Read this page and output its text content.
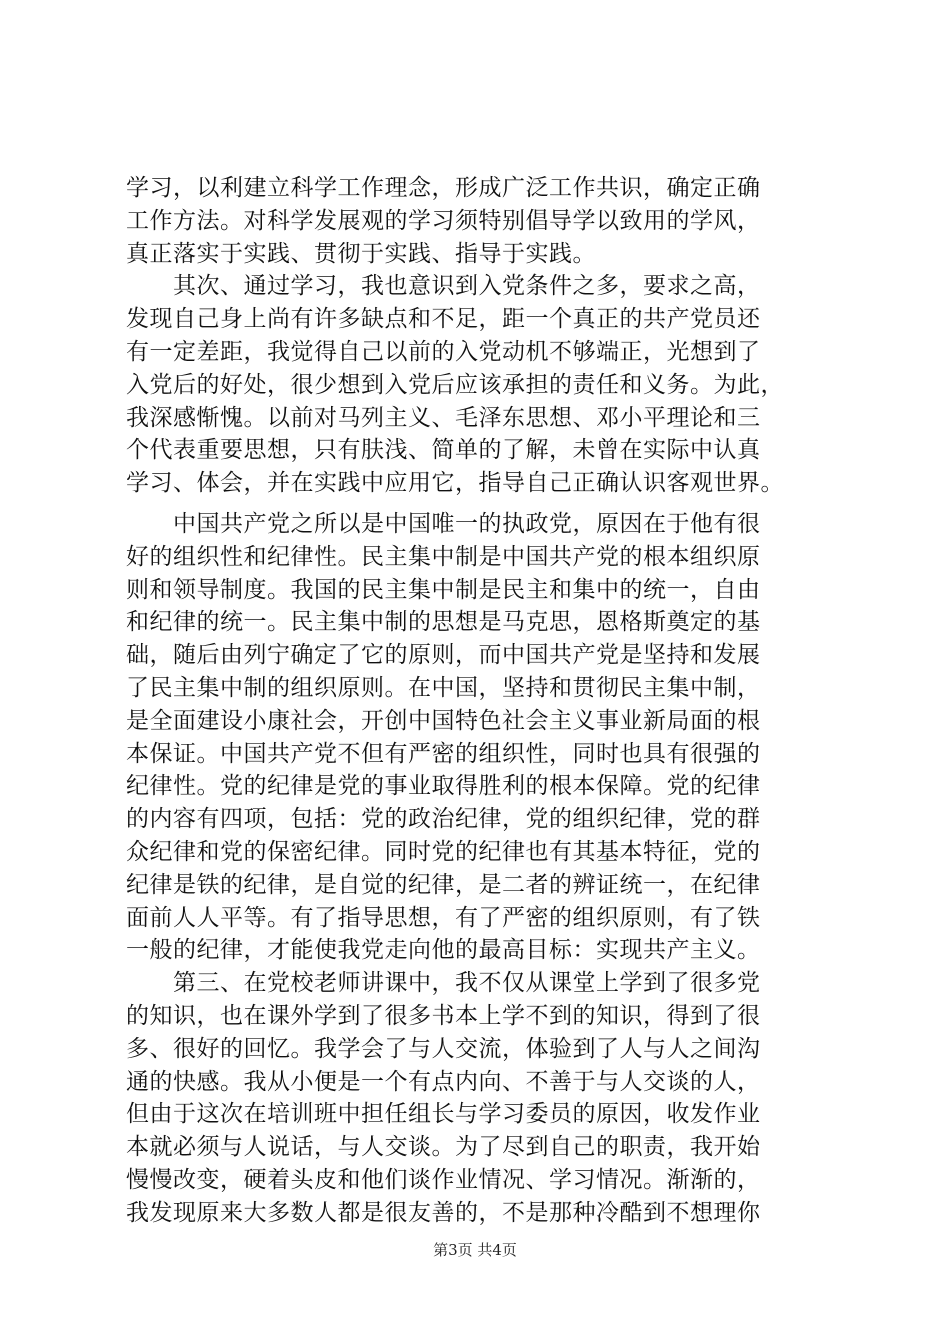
学习，以利建立科学工作理念，形成广泛工作共识，确定正确
工作方法。对科学发展观的学习须特别倡导学以致用的学风，
真正落实于实践、贯彻于实践、指导于实践。
　　其次、通过学习，我也意识到入党条件之多，要求之高，
发现自己身上尚有许多缺点和不足，距一个真正的共产党员还
有一定差距，我觉得自己以前的入党动机不够端正，光想到了
入党后的好处，很少想到入党后应该承担的责任和义务。为此，
我深感惭愧。以前对马列主义、毛泽东思想、邓小平理论和三
个代表重要思想，只有肤浅、简单的了解，未曾在实际中认真
学习、体会，并在实践中应用它，指导自己正确认识客观世界。
　　中国共产党之所以是中国唯一的执政党，原因在于他有很
好的组织性和纪律性。民主集中制是中国共产党的根本组织原
则和领导制度。我国的民主集中制是民主和集中的统一，自由
和纪律的统一。民主集中制的思想是马克思，恩格斯奠定的基
础，随后由列宁确定了它的原则，而中国共产党是坚持和发展
了民主集中制的组织原则。在中国，坚持和贯彻民主集中制，
是全面建设小康社会，开创中国特色社会主义事业新局面的根
本保证。中国共产党不但有严密的组织性，同时也具有很强的
纪律性。党的纪律是党的事业取得胜利的根本保障。党的纪律
的内容有四项，包括：党的政治纪律，党的组织纪律，党的群
众纪律和党的保密纪律。同时党的纪律也有其基本特征，党的
纪律是铁的纪律，是自觉的纪律，是二者的辨证统一，在纪律
面前人人平等。有了指导思想，有了严密的组织原则，有了铁
一般的纪律，才能使我党走向他的最高目标：实现共产主义。
　　第三、在党校老师讲课中，我不仅从课堂上学到了很多党
的知识，也在课外学到了很多书本上学不到的知识，得到了很
多、很好的回忆。我学会了与人交流，体验到了人与人之间沟
通的快感。我从小便是一个有点内向、不善于与人交谈的人，
但由于这次在培训班中担任组长与学习委员的原因，收发作业
本就必须与人说话，与人交谈。为了尽到自己的职责，我开始
慢慢改变，硬着头皮和他们谈作业情况、学习情况。渐渐的，
我发现原来大多数人都是很友善的，不是那种冷酷到不想理你
第3页 共4页
